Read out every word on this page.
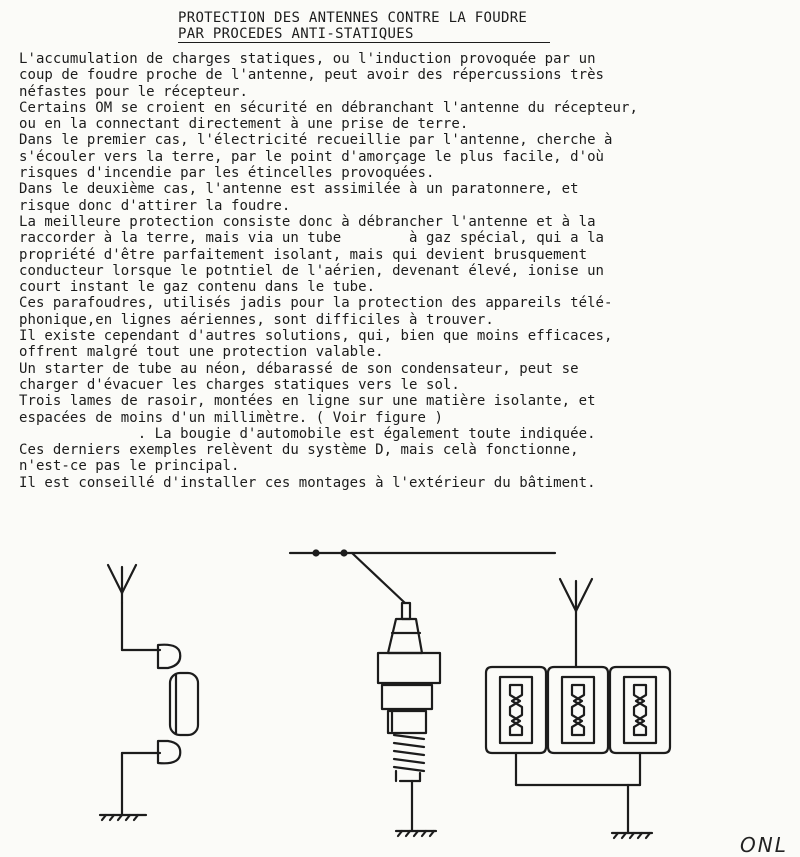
PROTECTION DES ANTENNES CONTRE LA FOUDRE
PAR PROCEDES ANTI-STATIQUES
L'accumulation de charges statiques, ou l'induction provoquée par un
coup de foudre proche de l'antenne, peut avoir des répercussions très
néfastes pour le récepteur.
Certains OM se croient en sécurité en débranchant l'antenne du récepteur,
ou en la connectant directement à une prise de terre.
Dans le premier cas, l'électricité recueillie par l'antenne, cherche à
s'écouler vers la terre, par le point d'amorçage le plus facile, d'où
risques d'incendie par les étincelles provoquées.
Dans le deuxième cas, l'antenne est assimilée à un paratonnere, et
risque donc d'attirer la foudre.
La meilleure protection consiste donc à débrancher l'antenne et à la
raccorder à la terre, mais via un tube        à gaz spécial, qui a la
propriété d'être parfaitement isolant, mais qui devient brusquement
conducteur lorsque le potntiel de l'aérien, devenant élevé, ionise un
court instant le gaz contenu dans le tube.
Ces parafoudres, utilisés jadis pour la protection des appareils télé-
phonique,en lignes aériennes, sont difficiles à trouver.
Il existe cependant d'autres solutions, qui, bien que moins efficaces,
offrent malgré tout une protection valable.
Un starter de tube au néon, débarassé de son condensateur, peut se
charger d'évacuer les charges statiques vers le sol.
Trois lames de rasoir, montées en ligne sur une matière isolante, et
espacées de moins d'un millimètre. ( Voir figure )
. La bougie d'automobile est également toute indiquée.
Ces derniers exemples relèvent du système D, mais celà fonctionne,
n'est-ce pas le principal.
Il est conseillé d'installer ces montages à l'extérieur du bâtiment.
ONL
